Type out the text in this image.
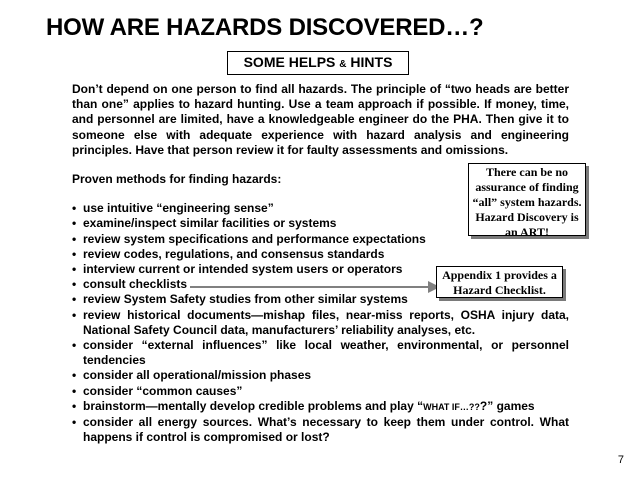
HOW ARE HAZARDS DISCOVERED…?
SOME HELPS & HINTS

Don’t depend on one person to find all hazards. The principle of “two heads are better than one” applies to hazard hunting. Use a team approach if possible. If money, time, and personnel are limited, have a knowledgeable engineer do the PHA. Then give it to someone else with adequate experience with hazard analysis and engineering principles. Have that person review it for faulty assessments and omissions.

Proven methods for finding hazards:
• use intuitive “engineering sense”
• examine/inspect similar facilities or systems
• review system specifications and performance expectations
• review codes, regulations, and consensus standards
• interview current or intended system users or operators
• consult checklists
• review System Safety studies from other similar systems
• review historical documents—mishap files, near-miss reports, OSHA injury data, National Safety Council data, manufacturers’ reliability analyses, etc.
• consider “external influences” like local weather, environmental, or personnel tendencies
• consider all operational/mission phases
• consider “common causes”
• brainstorm—mentally develop credible problems and play “WHAT IF…???” games
• consider all energy sources. What’s necessary to keep them under control. What happens if control is compromised or lost?
There can be no assurance of finding “all” system hazards. Hazard Discovery is an ART!
Appendix 1 provides a Hazard Checklist.
7
